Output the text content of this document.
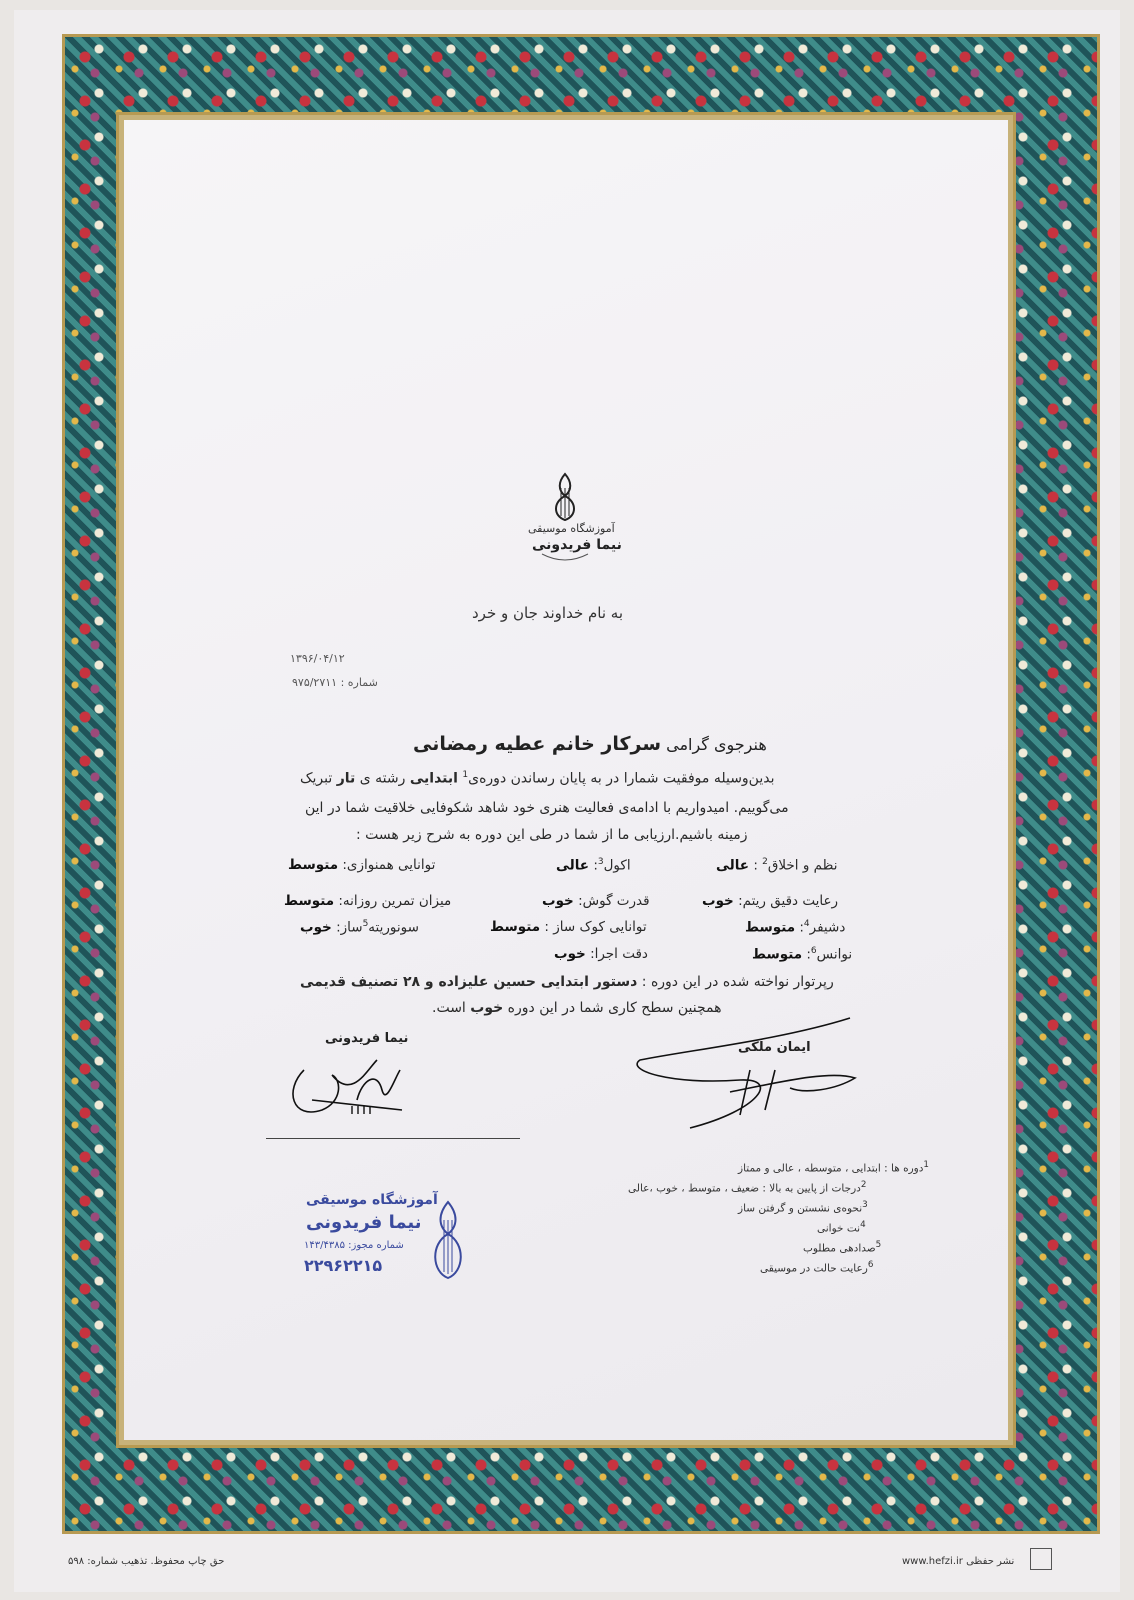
آموزشگاه موسیقی
نیما فریدونی
به نام خداوند جان و خرد
۱۳۹۶/۰۴/۱۲
شماره : ۹۷۵/۲۷۱۱
هنرجوی گرامی سرکار خانم عطیه رمضانی
بدین‌وسیله موفقیت شمارا در به پایان رساندن دوره‌ی$^1$ ابتدایی رشته ی تار تبریک
می‌گوییم. امیدواریم با ادامه‌ی فعالیت هنری خود شاهد شکوفایی خلاقیت شما در این
زمینه باشیم.ارزیابی ما از شما در طی این دوره به شرح زیر هست :
نظم و اخلاق$^2$ : عالی
اکول$^3$: عالی
توانایی همنوازی: متوسط
رعایت دقیق ریتم: خوب
قدرت گوش: خوب
میزان تمرین روزانه: متوسط
دشیفر$^4$: متوسط
توانایی کوک ساز : متوسط
سونوریته$^5$ساز: خوب
نوانس$^6$: متوسط
دقت اجرا: خوب
رپرتوار نواخته شده در این دوره : دستور ابتدایی حسین علیزاده و ۲۸ تصنیف قدیمی
همچنین سطح کاری شما در این دوره خوب است.
نیما فریدونی
ایمان ملکی
$^1$دوره ها : ابتدایی ، متوسطه ، عالی و ممتاز
$^2$درجات از پایین به بالا : ضعیف ، متوسط ، خوب ،عالی
$^3$نحوه‌ی نشستن و گرفتن ساز
$^4$نت خوانی
$^5$صدادهی مطلوب
$^6$رعایت حالت در موسیقی
آموزشگاه موسیقی
نیما فریدونی
شماره مجوز: ۱۴۳/۴۳۸۵
۲۲۹۶۲۲۱۵
حق چاپ محفوظ. تذهیب شماره: ۵۹۸	www.hefzi.ir نشر حفظی
